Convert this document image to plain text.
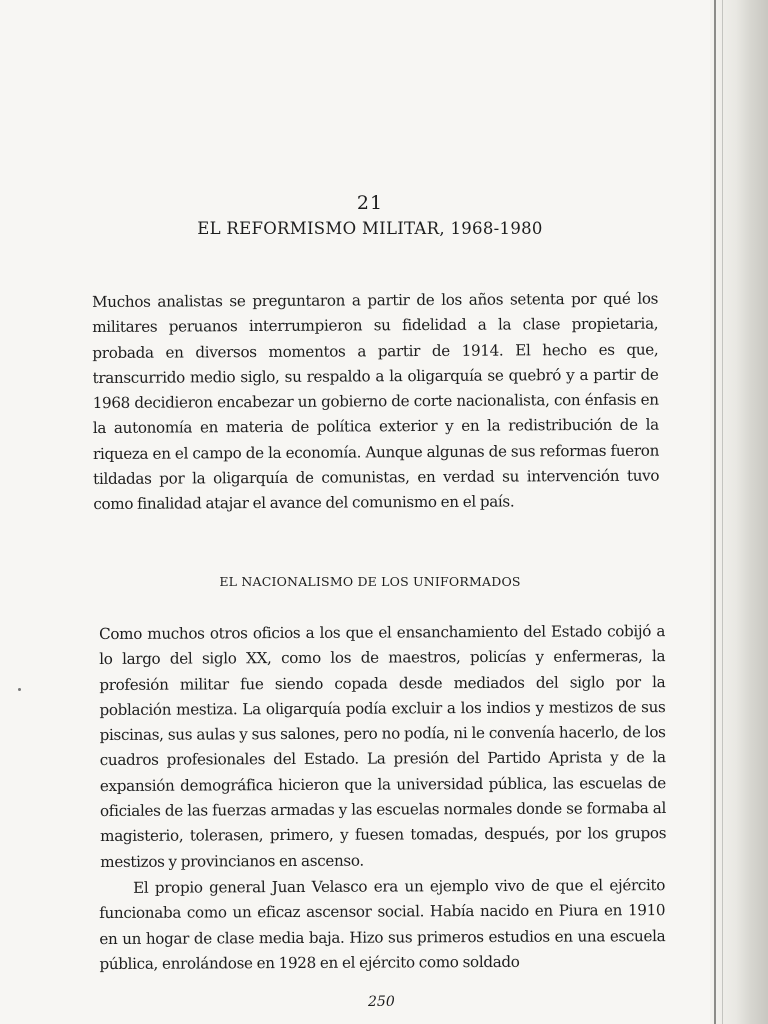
21
EL REFORMISMO MILITAR, 1968-1980

Muchos analistas se preguntaron a partir de los años setenta por qué los militares peruanos interrumpieron su fidelidad a la clase propietaria, probada en diversos momentos a partir de 1914. El hecho es que, transcurrido medio siglo, su respaldo a la oligarquía se quebró y a partir de 1968 decidieron encabezar un gobierno de corte nacionalista, con énfasis en la autonomía en materia de política exterior y en la redistribución de la riqueza en el campo de la economía. Aunque algunas de sus reformas fueron tildadas por la oligarquía de comunistas, en verdad su intervención tuvo como finalidad atajar el avance del comunismo en el país.

EL NACIONALISMO DE LOS UNIFORMADOS

Como muchos otros oficios a los que el ensanchamiento del Estado cobijó a lo largo del siglo XX, como los de maestros, policías y enfermeras, la profesión militar fue siendo copada desde mediados del siglo por la población mestiza. La oligarquía podía excluir a los indios y mestizos de sus piscinas, sus aulas y sus salones, pero no podía, ni le convenía hacerlo, de los cuadros profesionales del Estado. La presión del Partido Aprista y de la expansión demográfica hicieron que la universidad pública, las escuelas de oficiales de las fuerzas armadas y las escuelas normales donde se formaba al magisterio, tolerasen, primero, y fuesen tomadas, después, por los grupos mestizos y provincianos en ascenso.

El propio general Juan Velasco era un ejemplo vivo de que el ejército funcionaba como un eficaz ascensor social. Había nacido en Piura en 1910 en un hogar de clase media baja. Hizo sus primeros estudios en una escuela pública, enrolándose en 1928 en el ejército como soldado

250
